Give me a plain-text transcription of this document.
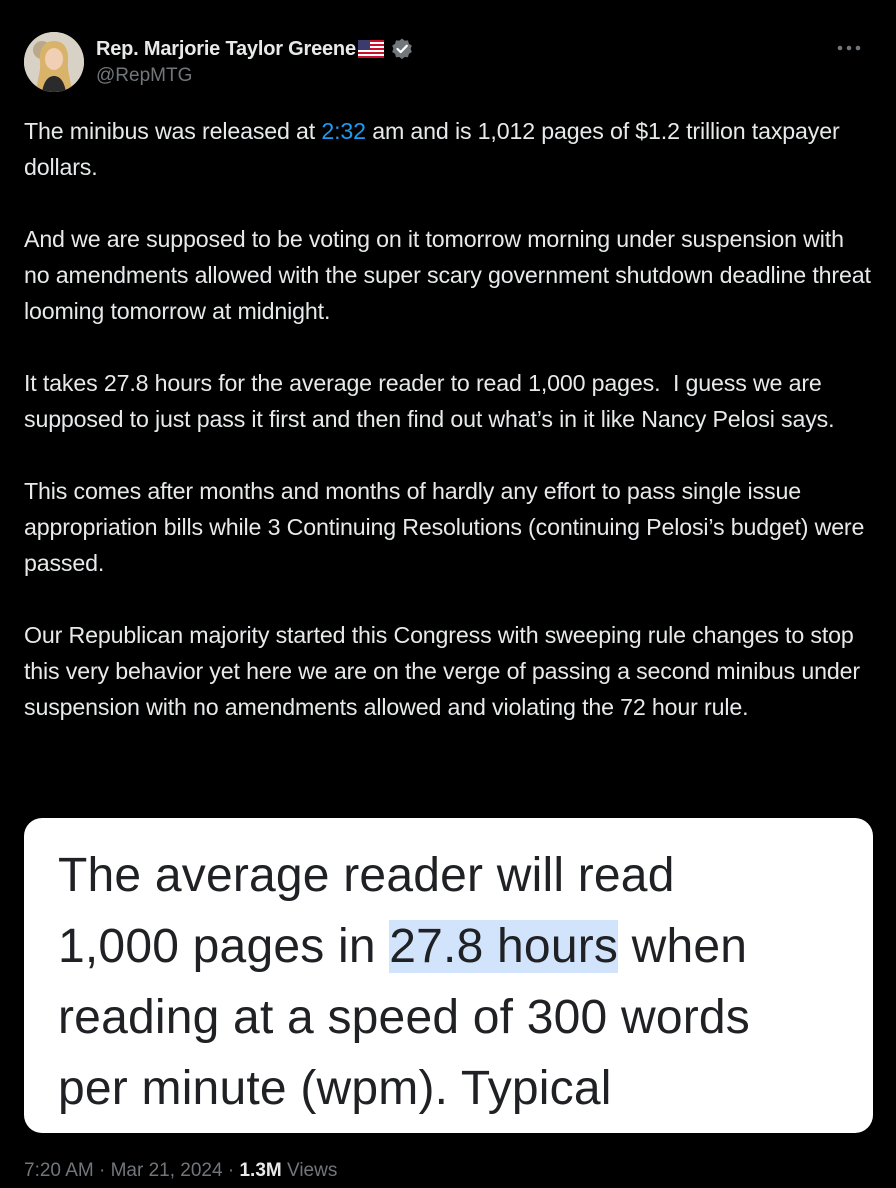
Rep. Marjorie Taylor Greene
@RepMTG

The minibus was released at 2:32 am and is 1,012 pages of $1.2 trillion taxpayer dollars.

And we are supposed to be voting on it tomorrow morning under suspension with no amendments allowed with the super scary government shutdown deadline threat looming tomorrow at midnight.

It takes 27.8 hours for the average reader to read 1,000 pages.  I guess we are supposed to just pass it first and then find out what’s in it like Nancy Pelosi says.

This comes after months and months of hardly any effort to pass single issue appropriation bills while 3 Continuing Resolutions (continuing Pelosi’s budget) were passed.

Our Republican majority started this Congress with sweeping rule changes to stop this very behavior yet here we are on the verge of passing a second minibus under suspension with no amendments allowed and violating the 72 hour rule.

The average reader will read
1,000 pages in 27.8 hours when
reading at a speed of 300 words
per minute (wpm). Typical
7:20 AM · Mar 21, 2024 · 1.3M Views
